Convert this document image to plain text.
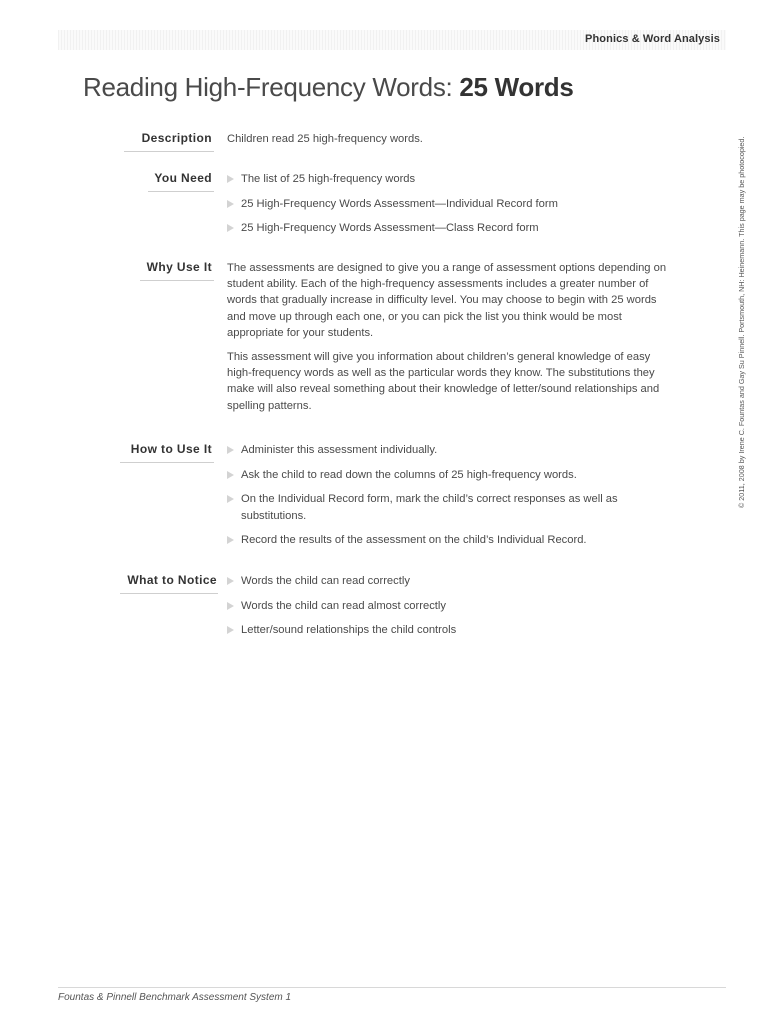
Phonics & Word Analysis
Reading High-Frequency Words: 25 Words
© 2011, 2008 by Irene C. Fountas and Gay Su Pinnell. Portsmouth, NH: Heinemann. This page may be photocopied.
Description Children read 25 high-frequency words.

You Need	The list of 25 high-frequency words
25 High-Frequency Words Assessment—Individual Record form
25 High-Frequency Words Assessment—Class Record form
Why Use It The assessments are designed to give you a range of assessment options depending on student ability. Each of the high-frequency assessments includes a greater number of words that gradually increase in difficulty level. You may choose to begin with 25 words and move up through each one, or you can pick the list you think would be most appropriate for your students.

This assessment will give you information about children’s general knowledge of easy high-frequency words as well as the particular words they know. The substitutions they make will also reveal something about their knowledge of letter/sound relationships and spelling patterns.

How to Use It	Administer this assessment individually.
Ask the child to read down the columns of 25 high-frequency words.
On the Individual Record form, mark the child’s correct responses as well as substitutions.
Record the results of the assessment on the child’s Individual Record.
What to Notice	Words the child can read correctly
Words the child can read almost correctly
Letter/sound relationships the child controls
Fountas & Pinnell Benchmark Assessment System 1
